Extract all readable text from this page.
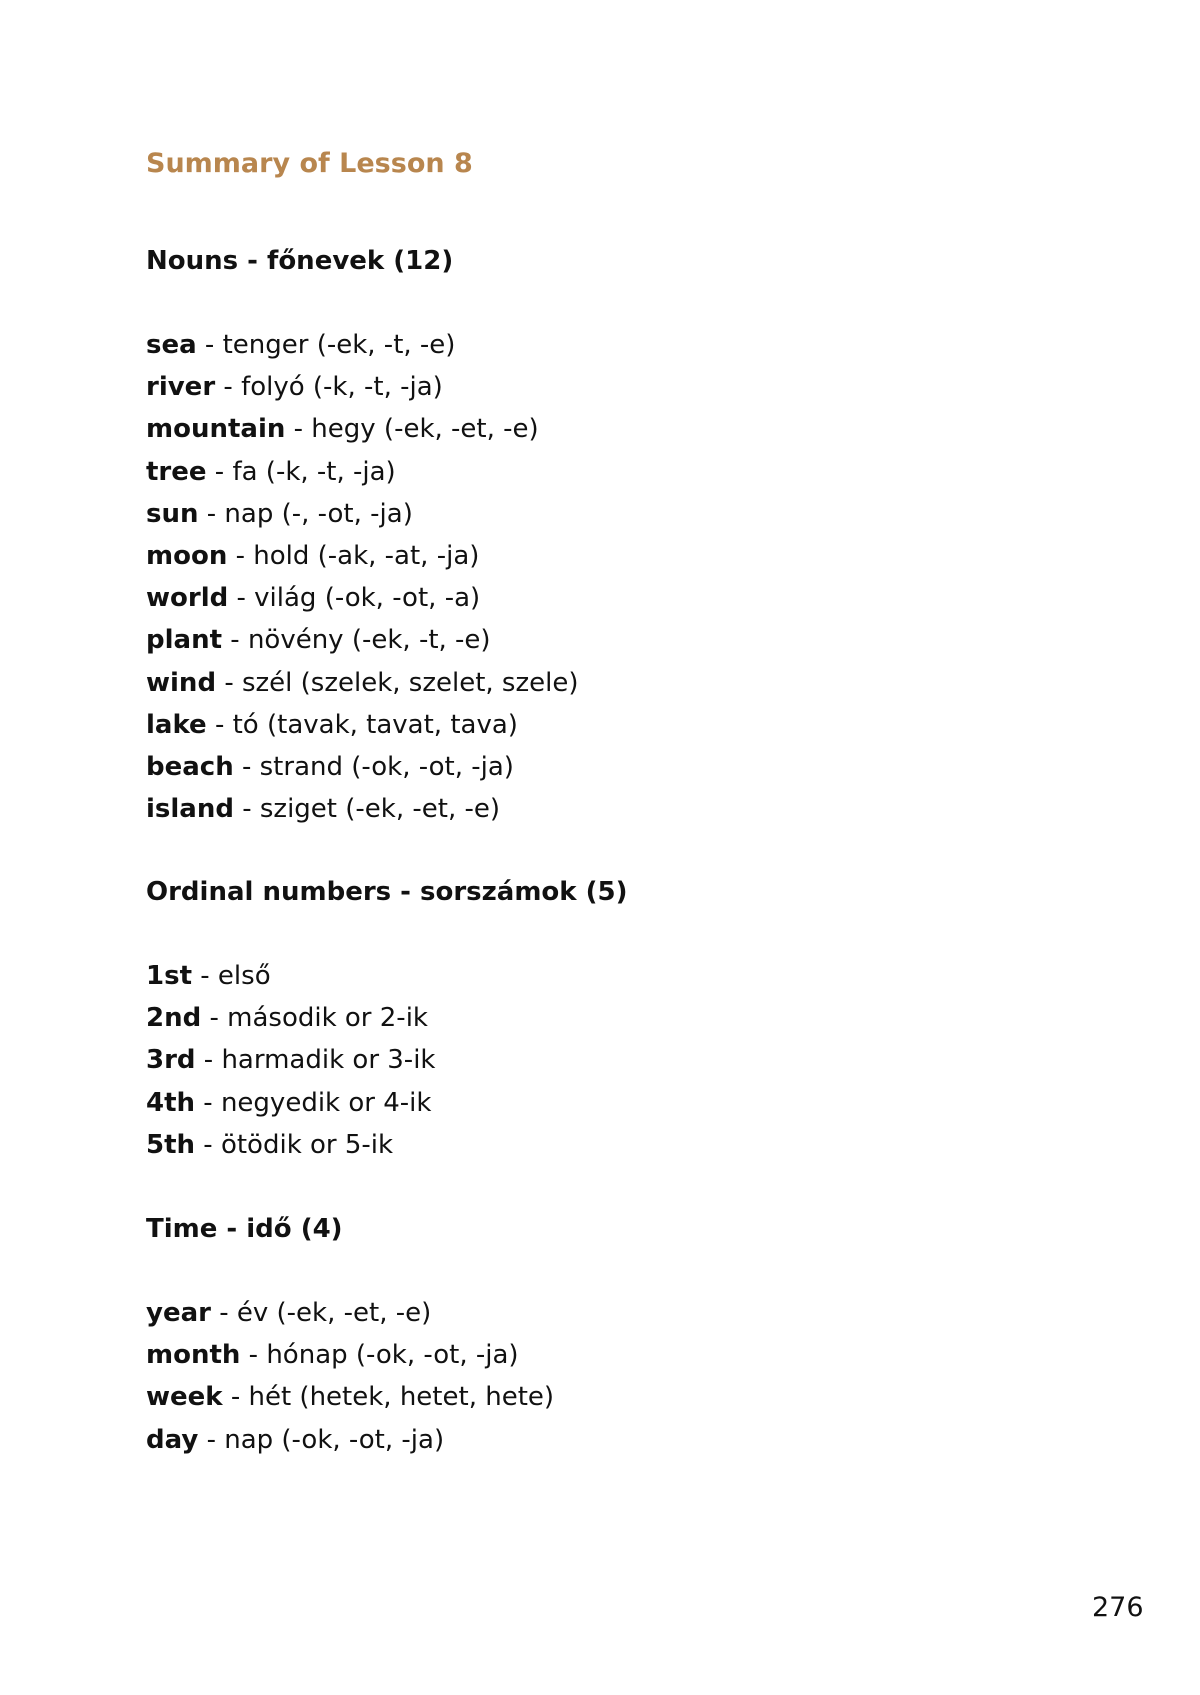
Summary of Lesson 8
Nouns - főnevek (12)
sea - tenger (-ek, -t, -e)
river - folyó (-k, -t, -ja)
mountain - hegy (-ek, -et, -e)
tree - fa (-k, -t, -ja)
sun - nap (-, -ot, -ja)
moon - hold (-ak, -at, -ja)
world - világ (-ok, -ot, -a)
plant - növény (-ek, -t, -e)
wind - szél (szelek, szelet, szele)
lake - tó (tavak, tavat, tava)
beach - strand (-ok, -ot, -ja)
island - sziget (-ek, -et, -e)
Ordinal numbers - sorszámok (5)
1st - első
2nd - második or 2-ik
3rd - harmadik or 3-ik
4th - negyedik or 4-ik
5th - ötödik or 5-ik
Time - idő (4)
year - év (-ek, -et, -e)
month - hónap (-ok, -ot, -ja)
week - hét (hetek, hetet, hete)
day - nap (-ok, -ot, -ja)
276
